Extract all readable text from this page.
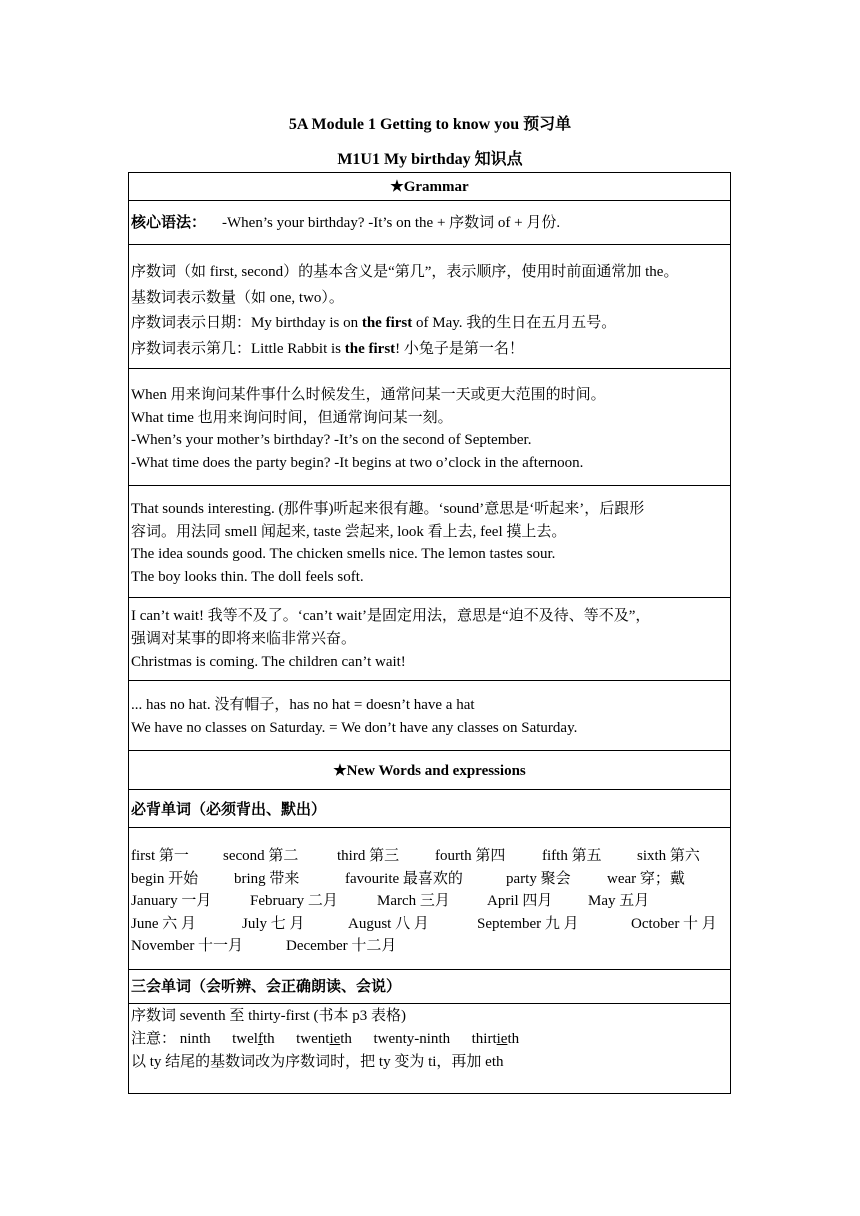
5A Module 1 Getting to know you 预习单
M1U1 My birthday 知识点
★Grammar
核心语法： -When’s your birthday? -It’s on the + 序数词 of + 月份.
序数词（如 first, second）的基本含义是“第几”，表示顺序，使用时前面通常加 the。
基数词表示数量（如 one, two）。
序数词表示日期：My birthday is on the first of May. 我的生日在五月五号。
序数词表示第几：Little Rabbit is the first! 小兔子是第一名！
When 用来询问某件事什么时候发生，通常问某一天或更大范围的时间。
What time 也用来询问时间，但通常询问某一刻。
-When’s your mother’s birthday? -It’s on the second of September.
-What time does the party begin? -It begins at two o’clock in the afternoon.
That sounds interesting. (那件事)听起来很有趣。‘sound’意思是‘听起来’，后跟形
容词。用法同 smell 闻起来, taste 尝起来, look 看上去, feel 摸上去。
The idea sounds good. The chicken smells nice. The lemon tastes sour.
The boy looks thin. The doll feels soft.
I can’t wait! 我等不及了。‘can’t wait’是固定用法，意思是“迫不及待、等不及”，
强调对某事的即将来临非常兴奋。
Christmas is coming. The children can’t wait!
... has no hat. 没有帽子，has no hat = doesn’t have a hat
We have no classes on Saturday. = We don’t have any classes on Saturday.
★New Words and expressions
必背单词（必须背出、默出）
first 第一 second 第二	third 第三 fourth 第四 fifth 第五 sixth 第六
begin 开始 bring 带来	favourite 最喜欢的	party 聚会 wear 穿；戴
January 一月	February 二月	March 三月 April 四月 May 五月
June 六 月	July 七 月	August 八 月	September 九 月	October 十 月
November 十一月	December 十二月
三会单词（会听辨、会正确朗读、会说）
序数词 seventh 至 thirty-first (书本 p3 表格)
注意： ninth twelfth twentieth twenty-ninth thirtieth
以 ty 结尾的基数词改为序数词时，把 ty 变为 ti，再加 eth
